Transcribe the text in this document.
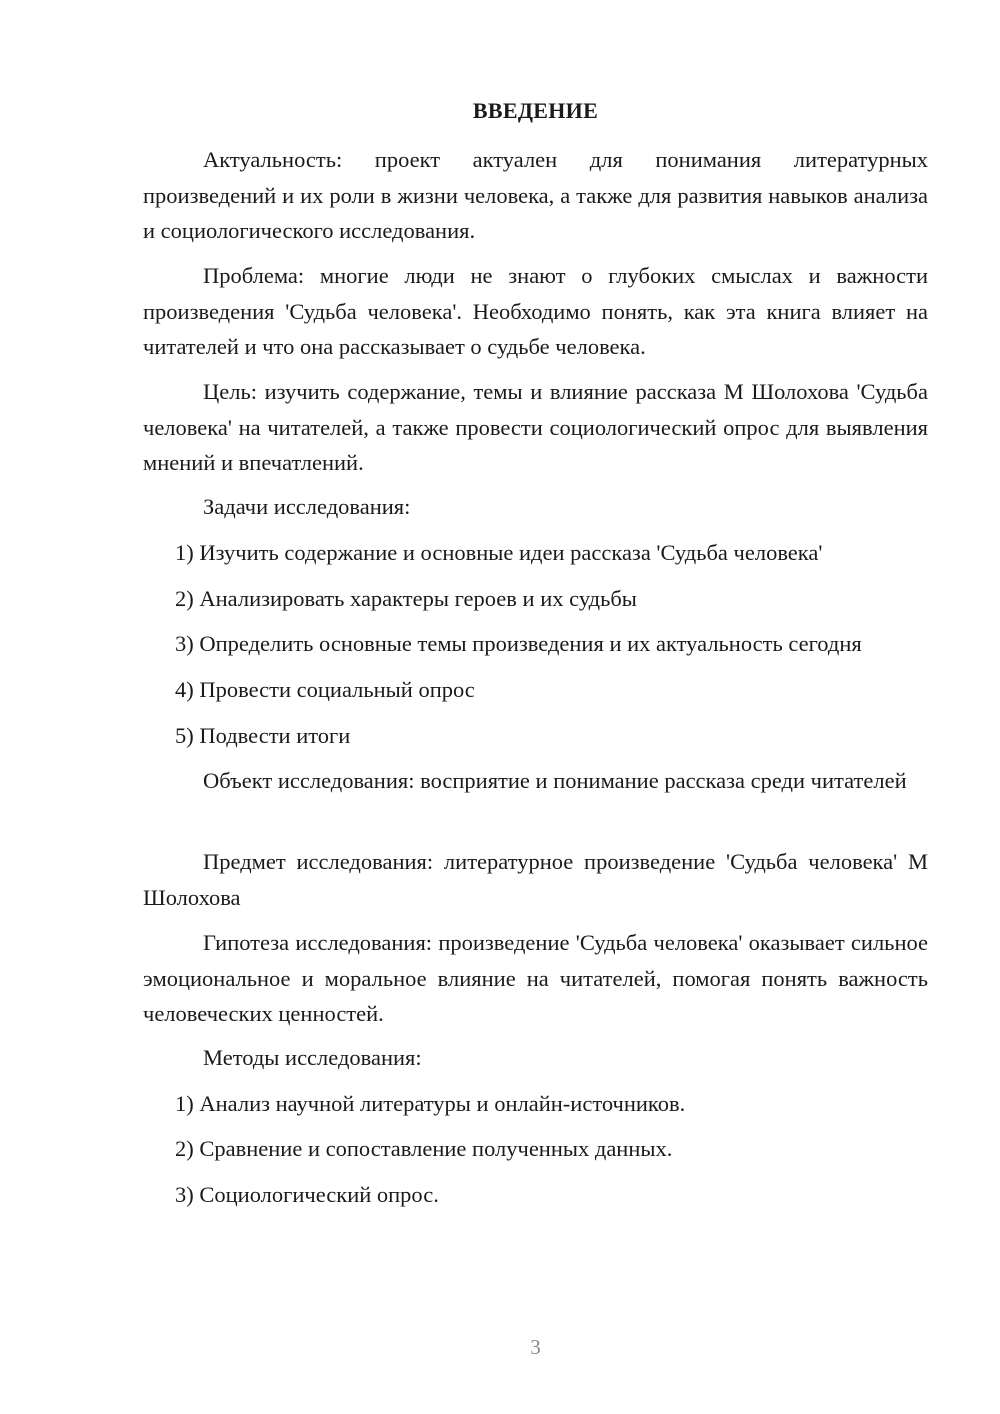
ВВЕДЕНИЕ

Актуальность: проект актуален для понимания литературных произведений и их роли в жизни человека, а также для развития навыков анализа и социологического исследования.

Проблема: многие люди не знают о глубоких смыслах и важности произведения 'Судьба человека'. Необходимо понять, как эта книга влияет на читателей и что она рассказывает о судьбе человека.

Цель: изучить содержание, темы и влияние рассказа М Шолохова 'Судьба человека' на читателей, а также провести социологический опрос для выявления мнений и впечатлений.

Задачи исследования:
1) Изучить содержание и основные идеи рассказа 'Судьба человека'
2) Анализировать характеры героев и их судьбы
3) Определить основные темы произведения и их актуальность сегодня
4) Провести социальный опрос
5) Подвести итоги

Объект исследования: восприятие и понимание рассказа среди читателей

Предмет исследования: литературное произведение 'Судьба человека' М Шолохова

Гипотеза исследования: произведение 'Судьба человека' оказывает сильное эмоциональное и моральное влияние на читателей, помогая понять важность человеческих ценностей.

Методы исследования:
1) Анализ научной литературы и онлайн-источников.
2) Сравнение и сопоставление полученных данных.
3) Социологический опрос.
3
